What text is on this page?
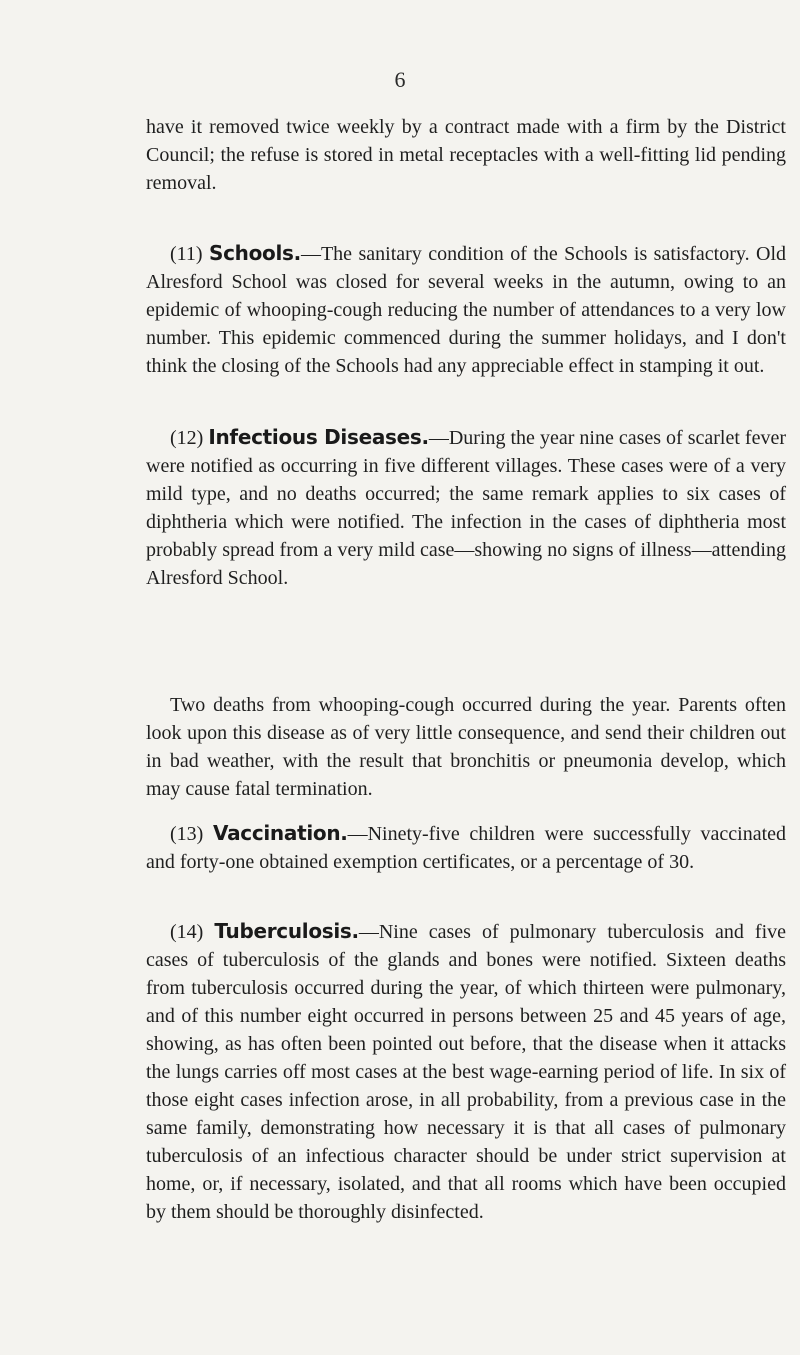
6

have it removed twice weekly by a contract made with a firm by the District Council; the refuse is stored in metal receptacles with a well-fitting lid pending removal.

(11) Schools.—The sanitary condition of the Schools is satisfactory. Old Alresford School was closed for several weeks in the autumn, owing to an epidemic of whooping-cough reducing the number of attendances to a very low number. This epidemic commenced during the summer holidays, and I don't think the closing of the Schools had any appreciable effect in stamping it out.

(12) Infectious Diseases.—During the year nine cases of scarlet fever were notified as occurring in five different villages. These cases were of a very mild type, and no deaths occurred; the same remark applies to six cases of diphtheria which were notified. The infection in the cases of diphtheria most probably spread from a very mild case—showing no signs of illness—attending Alresford School.

Two deaths from whooping-cough occurred during the year. Parents often look upon this disease as of very little consequence, and send their children out in bad weather, with the result that bronchitis or pneumonia develop, which may cause fatal termination.

(13) Vaccination.—Ninety-five children were successfully vaccinated and forty-one obtained exemption certificates, or a percentage of 30.

(14) Tuberculosis.—Nine cases of pulmonary tuberculosis and five cases of tuberculosis of the glands and bones were notified. Sixteen deaths from tuberculosis occurred during the year, of which thirteen were pulmonary, and of this number eight occurred in persons between 25 and 45 years of age, showing, as has often been pointed out before, that the disease when it attacks the lungs carries off most cases at the best wage-earning period of life. In six of those eight cases infection arose, in all probability, from a previous case in the same family, demonstrating how necessary it is that all cases of pulmonary tuberculosis of an infectious character should be under strict supervision at home, or, if necessary, isolated, and that all rooms which have been occupied by them should be thoroughly disinfected.
